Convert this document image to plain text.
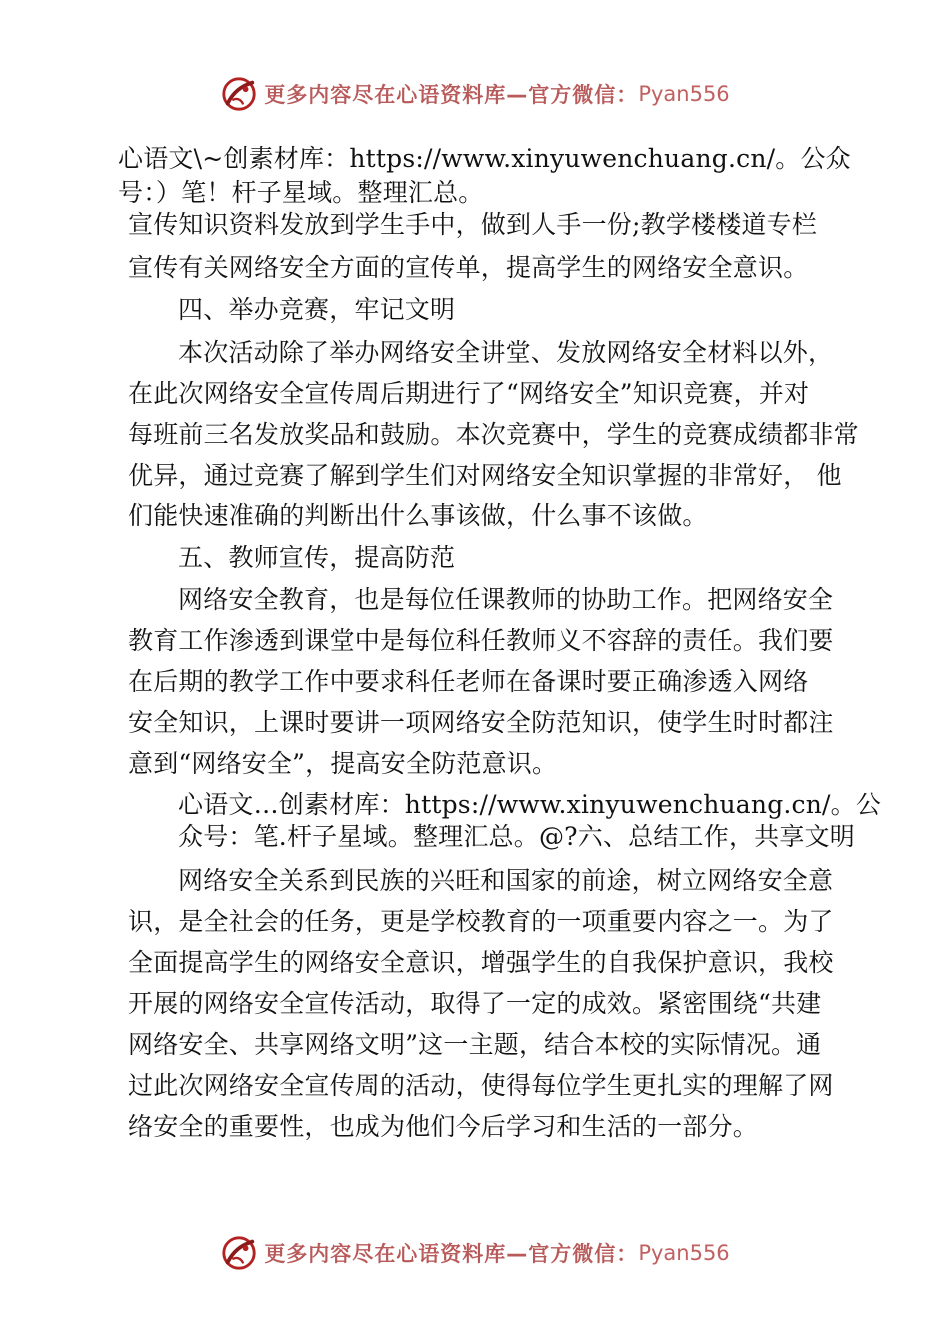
更多内容尽在心语资料库—官方微信： Pyan556
心语文\~创素材库：https://www.xinyuwenchuang.cn/。公众
号：）笔！杆子星域。整理汇总。
宣传知识资料发放到学生手中，做到人手一份;教学楼楼道专栏
宣传有关网络安全方面的宣传单，提高学生的网络安全意识。
四、举办竞赛，牢记文明
本次活动除了举办网络安全讲堂、发放网络安全材料以外，
在此次网络安全宣传周后期进行了“网络安全”知识竞赛，并对
每班前三名发放奖品和鼓励。本次竞赛中，学生的竞赛成绩都非常
优异，通过竞赛了解到学生们对网络安全知识掌握的非常好， 他
们能快速准确的判断出什么事该做，什么事不该做。
五、教师宣传，提高防范
网络安全教育，也是每位任课教师的协助工作。把网络安全
教育工作渗透到课堂中是每位科任教师义不容辞的责任。我们要
在后期的教学工作中要求科任老师在备课时要正确渗透入网络
安全知识，上课时要讲一项网络安全防范知识，使学生时时都注
意到“网络安全”，提高安全防范意识。
心语文…创素材库：https://www.xinyuwenchuang.cn/。公
众号：笔.杆子星域。整理汇总。@?六、总结工作，共享文明
网络安全关系到民族的兴旺和国家的前途，树立网络安全意
识，是全社会的任务，更是学校教育的一项重要内容之一。为了
全面提高学生的网络安全意识，增强学生的自我保护意识，我校
开展的网络安全宣传活动，取得了一定的成效。紧密围绕“共建
网络安全、共享网络文明”这一主题，结合本校的实际情况。通
过此次网络安全宣传周的活动，使得每位学生更扎实的理解了网
络安全的重要性，也成为他们今后学习和生活的一部分。
更多内容尽在心语资料库—官方微信： Pyan556
